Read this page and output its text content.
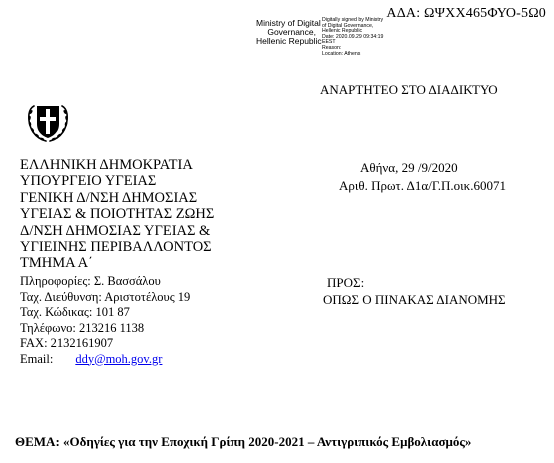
ΑΔΑ: ΩΨΧΧ465ΦΥΟ-5Ω0
Ministry of Digital
Governance,
Hellenic Republic
Digitally signed by Ministry
of Digital Governance,
Hellenic Republic
Date: 2020.09.29 09:34:19
EEST
Reason:
Location: Athens
ΑΝΑΡΤΗΤΕΟ ΣΤΟ ΔΙΑΔΙΚΤΥΟ
ΕΛΛΗΝΙΚΗ ΔΗΜΟΚΡΑΤΙΑ
ΥΠΟΥΡΓΕΙΟ ΥΓΕΙΑΣ
ΓΕΝΙΚΗ Δ/ΝΣΗ ΔΗΜΟΣΙΑΣ
ΥΓΕΙΑΣ & ΠΟΙΟΤΗΤΑΣ ΖΩΗΣ
Δ/ΝΣΗ ΔΗΜΟΣΙΑΣ ΥΓΕΙΑΣ &
ΥΓΙΕΙΝΗΣ ΠΕΡΙΒΑΛΛΟΝΤΟΣ
ΤΜΗΜΑ Α΄
Αθήνα, 29 /9/2020
Αριθ. Πρωτ. Δ1α/Γ.Π.οικ.60071
Πληροφορίες: Σ. Βασσάλου
Ταχ. Διεύθυνση: Αριστοτέλους 19
Ταχ. Κώδικας: 101 87
Τηλέφωνο: 213216 1138
FAX: 2132161907
Email: ddy@moh.gov.gr
ΠΡΟΣ:
ΟΠΩΣ Ο ΠΙΝΑΚΑΣ ΔΙΑΝΟΜΗΣ
ΘΕΜΑ: «Οδηγίες για την Εποχική Γρίπη 2020-2021 – Αντιγριπικός Εμβολιασμός»
